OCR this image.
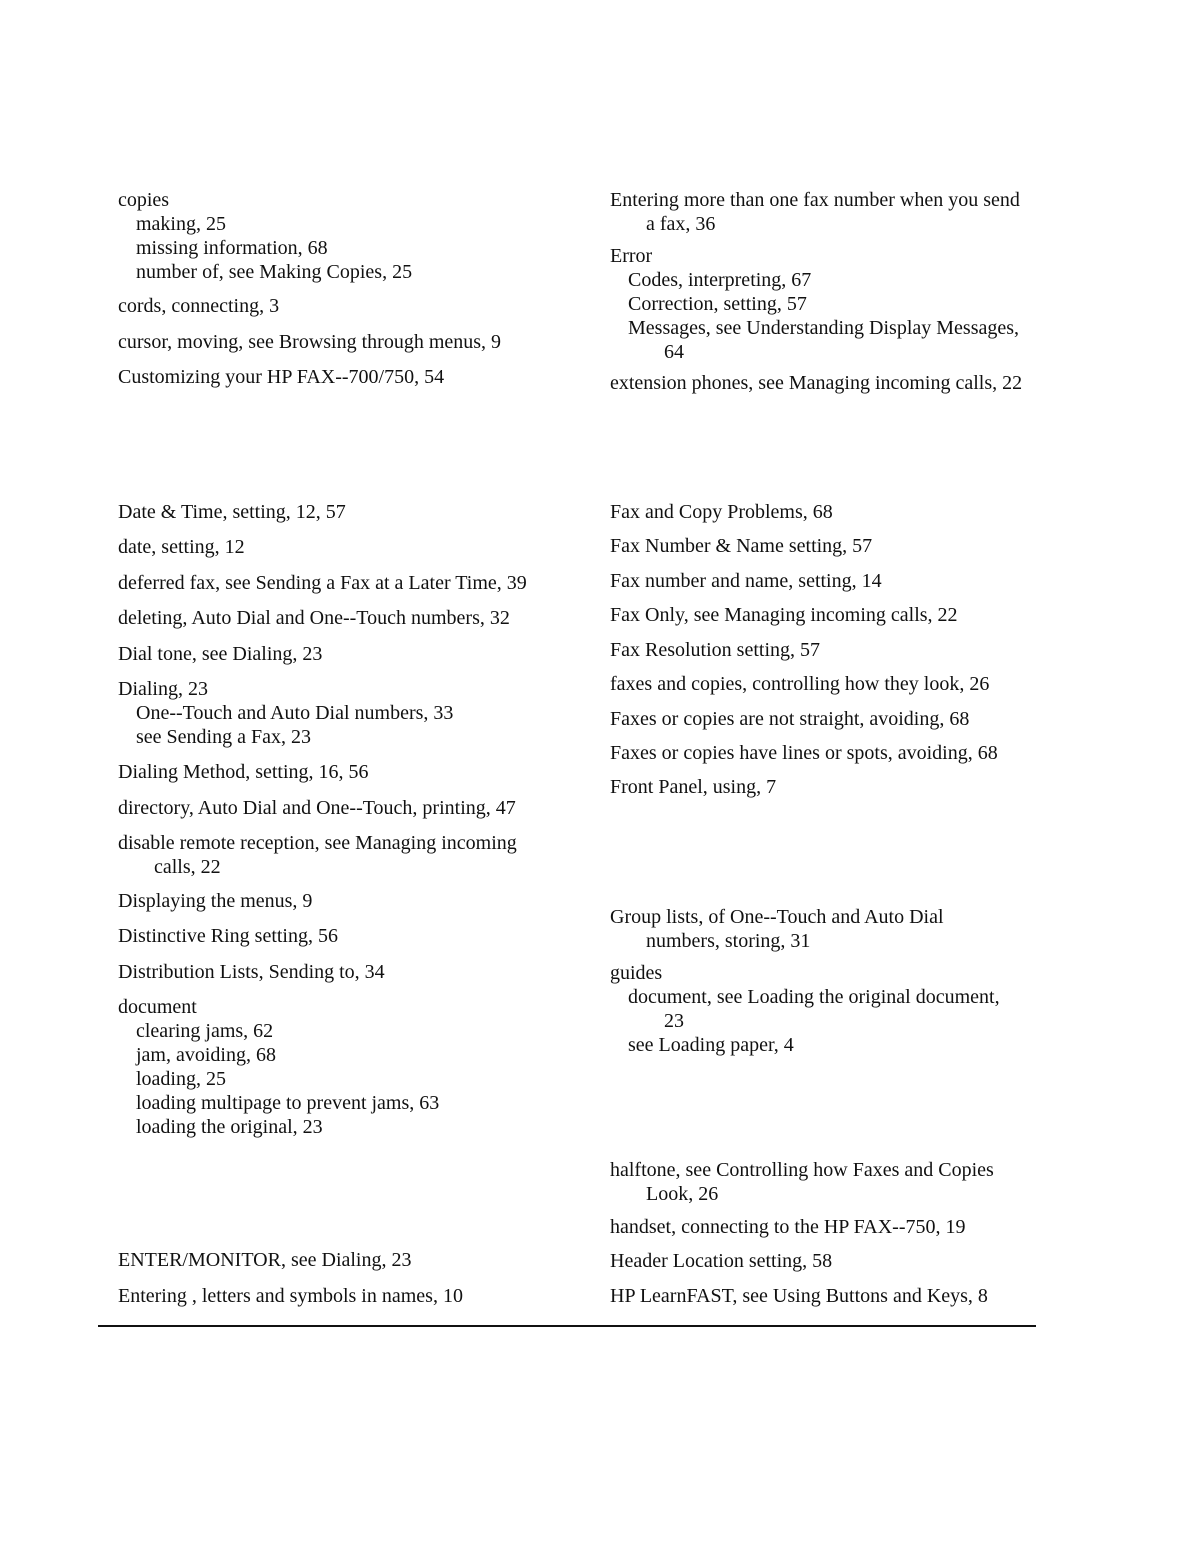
copies
making, 25
missing information, 68
number of, see Making Copies, 25
cords, connecting, 3
cursor, moving, see Browsing through menus, 9
Customizing your HP FAX--700/750, 54
Date & Time, setting, 12, 57
date, setting, 12
deferred fax, see Sending a Fax at a Later Time, 39
deleting, Auto Dial and One--Touch numbers, 32
Dial tone, see Dialing, 23
Dialing, 23
One--Touch and Auto Dial numbers, 33
see Sending a Fax, 23
Dialing Method, setting, 16, 56
directory, Auto Dial and One--Touch, printing, 47
disable remote reception, see Managing incoming
calls, 22
Displaying the menus, 9
Distinctive Ring setting, 56
Distribution Lists, Sending to, 34
document
clearing jams, 62
jam, avoiding, 68
loading, 25
loading multipage to prevent jams, 63
loading the original, 23
ENTER/MONITOR, see Dialing, 23
Entering , letters and symbols in names, 10
Entering more than one fax number when you send
a fax, 36
Error
Codes, interpreting, 67
Correction, setting, 57
Messages, see Understanding Display Messages,
64
extension phones, see Managing incoming calls, 22
Fax and Copy Problems, 68
Fax Number & Name setting, 57
Fax number and name, setting, 14
Fax Only, see Managing incoming calls, 22
Fax Resolution setting, 57
faxes and copies, controlling how they look, 26
Faxes or copies are not straight, avoiding, 68
Faxes or copies have lines or spots, avoiding, 68
Front Panel, using, 7
Group lists, of One--Touch and Auto Dial
numbers, storing, 31
guides
document, see Loading the original document,
23
see Loading paper, 4
halftone, see Controlling how Faxes and Copies
Look, 26
handset, connecting to the HP FAX--750, 19
Header Location setting, 58
HP LearnFAST, see Using Buttons and Keys, 8
